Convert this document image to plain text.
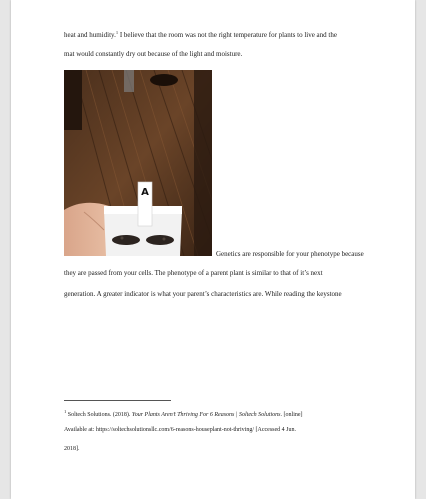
heat and humidity.$^1$ I believe that the room was not the right temperature for plants to live and the
mat would constantly dry out because of the light and moisture.
A
Genetics are responsible for your phenotype because
they are passed from your cells. The phenotype of a parent plant is similar to that of it’s next
generation. A greater indicator is what your parent’s characteristics are. While reading the keystone
$^1$ Soltech Solutions. (2018). Your Plants Aren’t Thriving For 6 Reasons | Soltech Solutions. [online]
Available at: https://soltechsolutionsllc.com/6-reasons-houseplant-not-thriving/ [Accessed 4 Jun.
2018].
